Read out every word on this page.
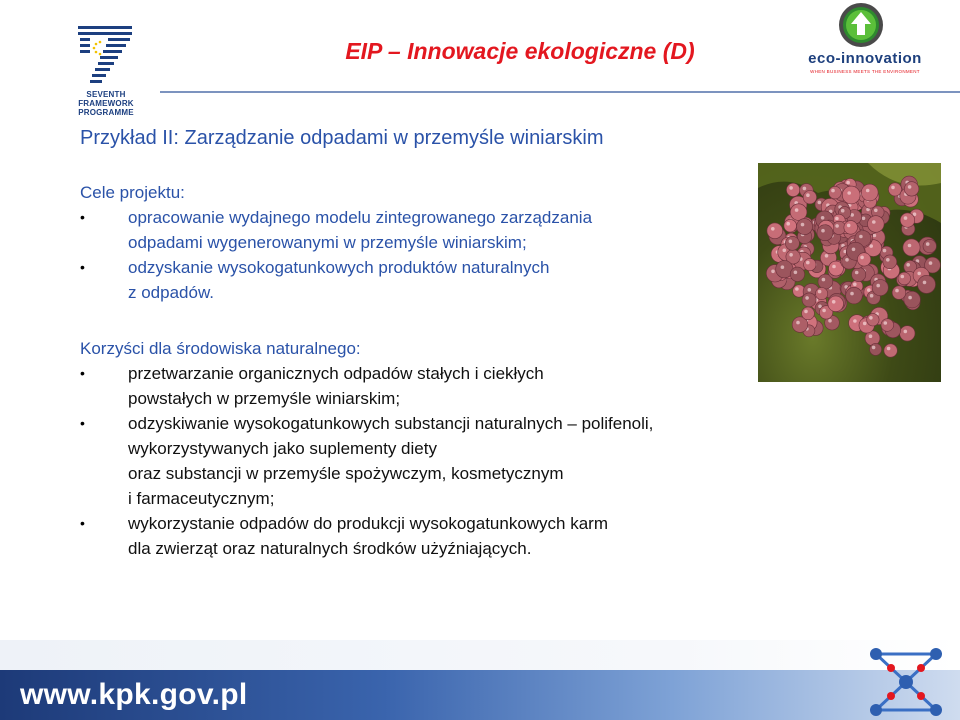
SEVENTH FRAMEWORK
PROGRAMME
EIP – Innowacje ekologiczne (D)	eco-innovation
WHEN BUSINESS MEETS THE ENVIRONMENT
Przykład II: Zarządzanie odpadami w przemyśle winiarskim
Cele projektu:
• opracowanie wydajnego modelu zintegrowanego zarządzania
odpadami wygenerowanymi w przemyśle winiarskim;
• odzyskanie wysokogatunkowych produktów naturalnych
z odpadów.
Korzyści dla środowiska naturalnego:
• przetwarzanie organicznych odpadów stałych i ciekłych
powstałych w przemyśle winiarskim;
• odzyskiwanie wysokogatunkowych substancji naturalnych – polifenoli,
wykorzystywanych jako suplementy diety
oraz substancji w przemyśle spożywczym, kosmetycznym
i farmaceutycznym;
• wykorzystanie odpadów do produkcji wysokogatunkowych karm
dla zwierząt oraz naturalnych środków użyźniających.
www.kpk.gov.pl
